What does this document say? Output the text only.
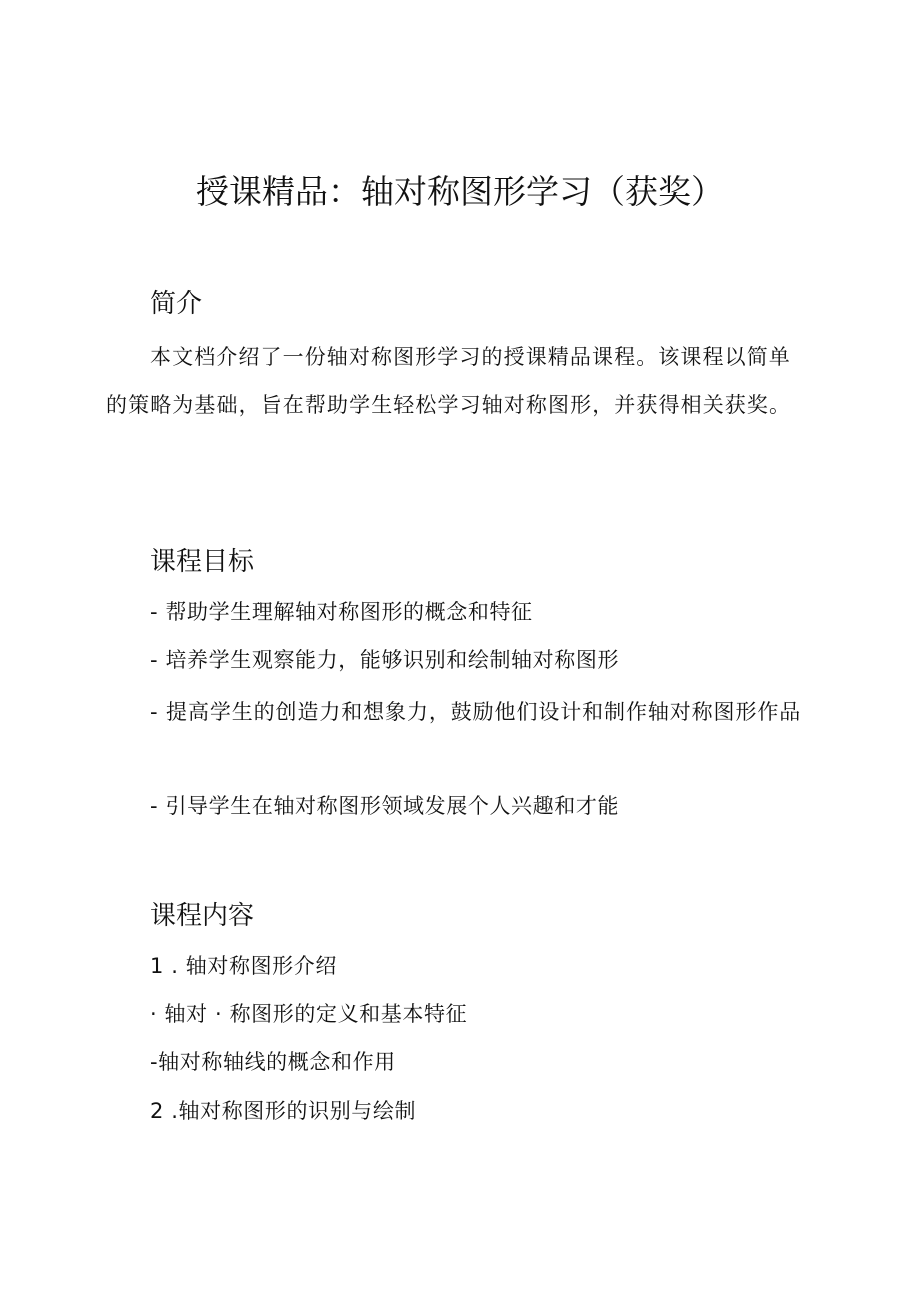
授课精品：轴对称图形学习（获奖）
简介
本文档介绍了一份轴对称图形学习的授课精品课程。该课程以简单的策略为基础，旨在帮助学生轻松学习轴对称图形，并获得相关获奖。
课程目标
- 帮助学生理解轴对称图形的概念和特征
- 培养学生观察能力，能够识别和绘制轴对称图形
- 提高学生的创造力和想象力，鼓励他们设计和制作轴对称图形作品
- 引导学生在轴对称图形领域发展个人兴趣和才能
课程内容
1 . 轴对称图形介绍
· 轴对 · 称图形的定义和基本特征
-轴对称轴线的概念和作用
2 .轴对称图形的识别与绘制
